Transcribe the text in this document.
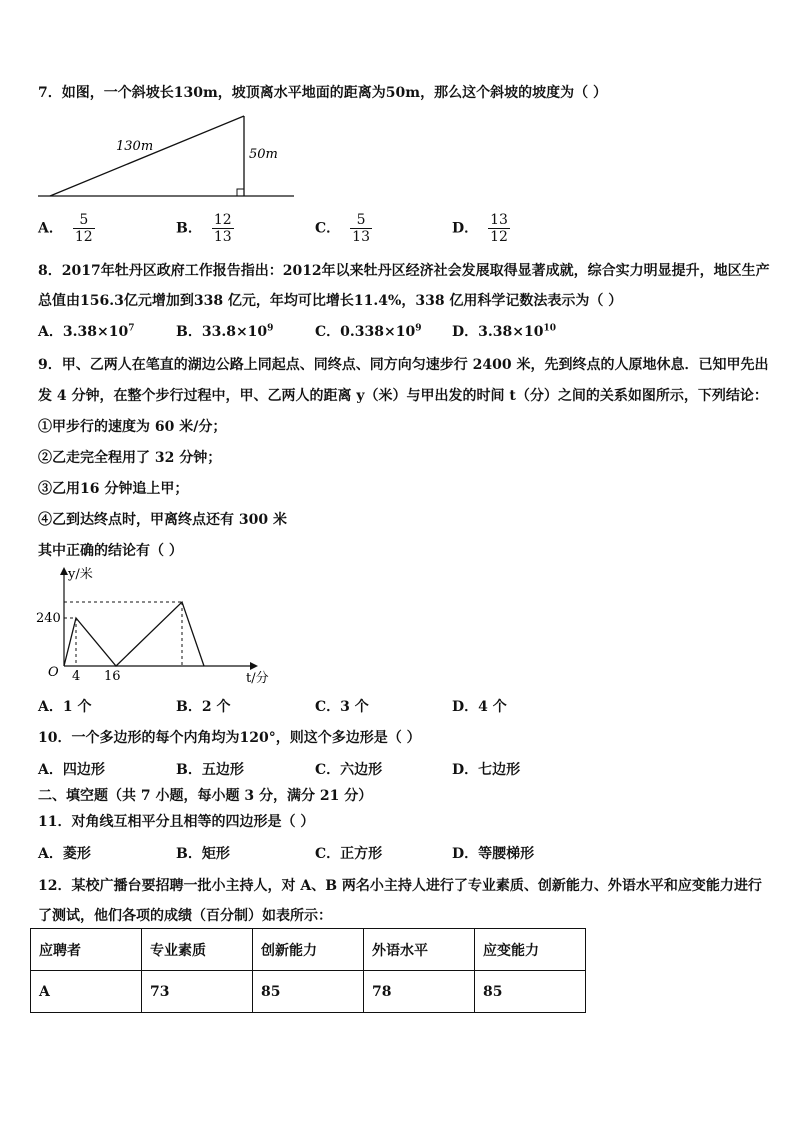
7．如图，一个斜坡长130m，坡顶离水平地面的距离为50m，那么这个斜坡的坡度为（ ）
130m
50m
A． $\frac{5}{12}$	B． $\frac{12}{13}$	C． $\frac{5}{13}$	D． $\frac{13}{12}$
8．2017年牡丹区政府工作报告指出：2012年以来牡丹区经济社会发展取得显著成就，综合实力明显提升，地区生产
总值由156.3亿元增加到338 亿元，年均可比增长11.4%，338 亿用科学记数法表示为（ ）
A．$3.38\times 10^7$	B．$33.8\times 10^9$	C．$0.338\times 10^9$ D．$3.38\times 10^{10}$
9．甲、乙两人在笔直的湖边公路上同起点、同终点、同方向匀速步行 2400 米，先到终点的人原地休息．已知甲先出
发 4 分钟，在整个步行过程中，甲、乙两人的距离 y（米）与甲出发的时间 t（分）之间的关系如图所示，下列结论：
①甲步行的速度为 60 米/分；
②乙走完全程用了 32 分钟；
③乙用16 分钟追上甲；
④乙到达终点时，甲离终点还有 300 米
其中正确的结论有（ ）
y/米
t/分
O
240
4 16
A．1 个	B．2 个	C．3 个	D．4 个
10．一个多边形的每个内角均为120°，则这个多边形是（ ）
A．四边形	B．五边形	C．六边形	D．七边形
二、填空题（共 7 小题，每小题 3 分，满分 21 分）
11．对角线互相平分且相等的四边形是（ ）
A．菱形	B．矩形	C．正方形	D．等腰梯形
12．某校广播台要招聘一批小主持人，对 A、B 两名小主持人进行了专业素质、创新能力、外语水平和应变能力进行
了测试，他们各项的成绩（百分制）如表所示：
应聘者	专业素质	创新能力	外语水平	应变能力
A	73	85	78	85
